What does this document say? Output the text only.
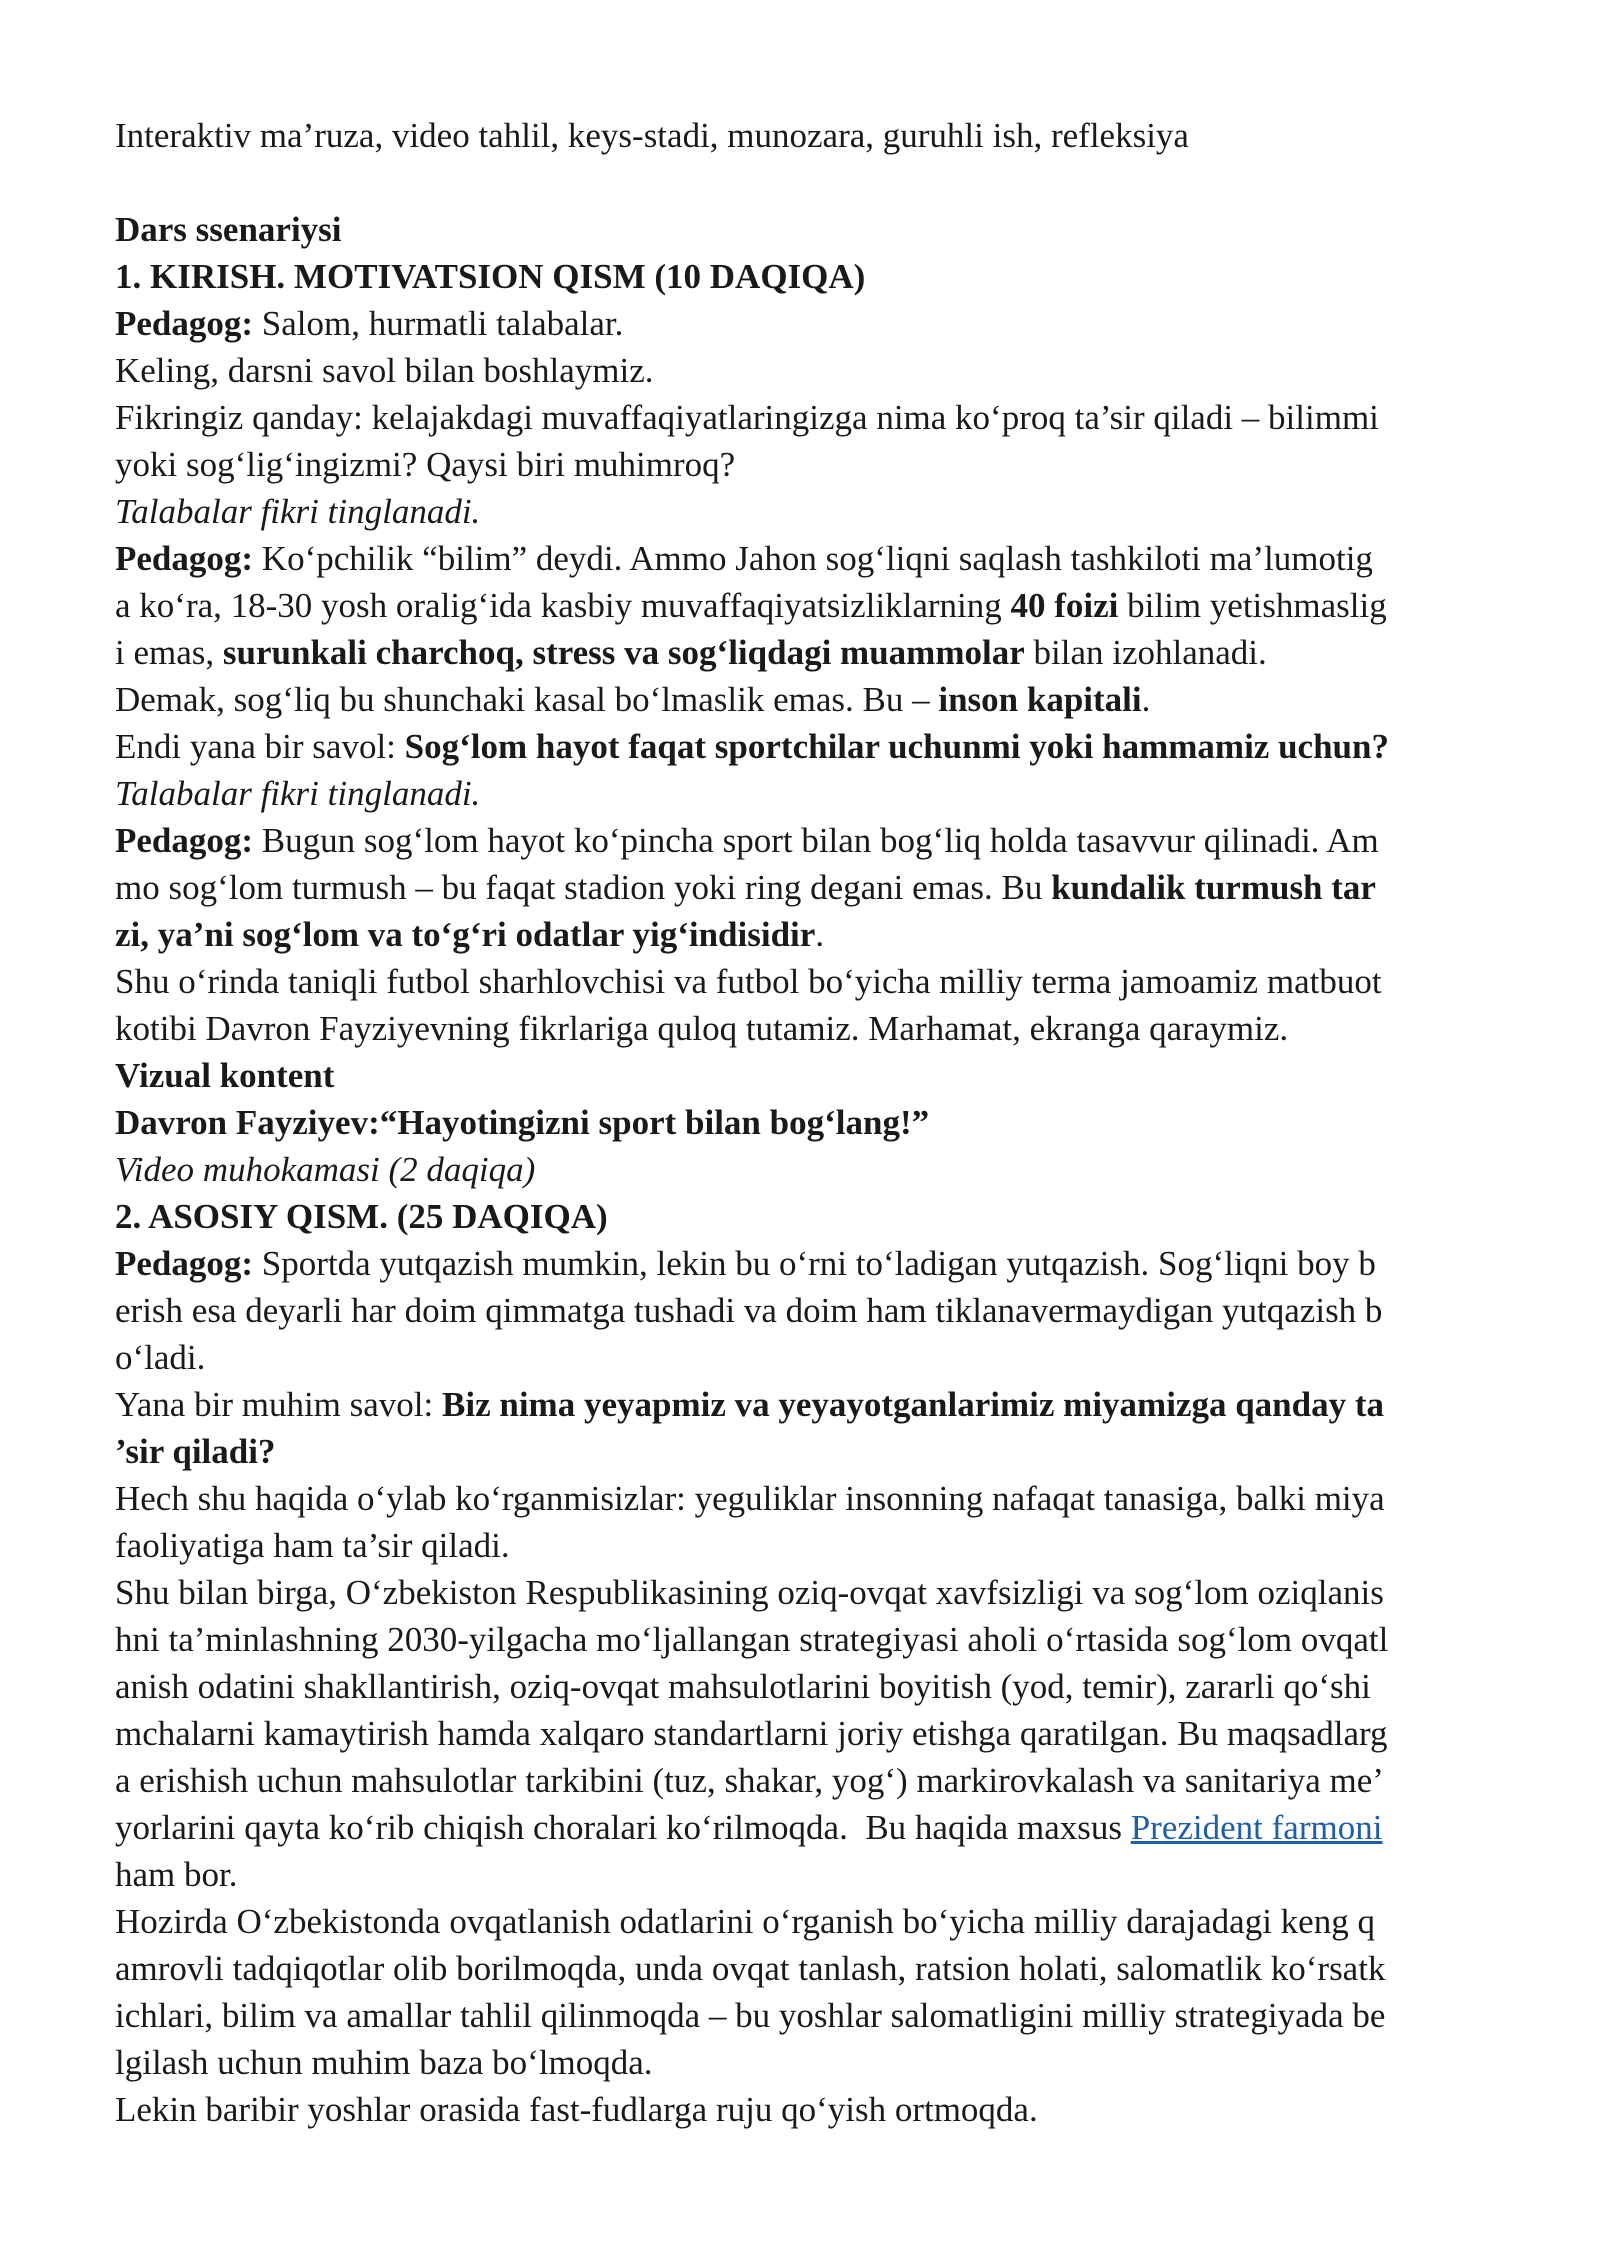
Interaktiv ma’ruza, video tahlil, keys-stadi, munozara, guruhli ish, refleksiya
Dars ssenariysi
1. KIRISH. MOTIVATSION QISM (10 DAQIQA)
Pedagog: Salom, hurmatli talabalar.
Keling, darsni savol bilan boshlaymiz.
Fikringiz qanday: kelajakdagi muvaffaqiyatlaringizga nima ko‘proq ta’sir qiladi – bilimmi
yoki sog‘lig‘ingizmi? Qaysi biri muhimroq?
Talabalar fikri tinglanadi.
Pedagog: Ko‘pchilik “bilim” deydi. Ammo Jahon sog‘liqni saqlash tashkiloti ma’lumotig
a ko‘ra, 18-30 yosh oralig‘ida kasbiy muvaffaqiyatsizliklarning 40 foizi bilim yetishmaslig
i emas, surunkali charchoq, stress va sog‘liqdagi muammolar bilan izohlanadi.
Demak, sog‘liq bu shunchaki kasal bo‘lmaslik emas. Bu – inson kapitali.
Endi yana bir savol: Sog‘lom hayot faqat sportchilar uchunmi yoki hammamiz uchun?
Talabalar fikri tinglanadi.
Pedagog: Bugun sog‘lom hayot ko‘pincha sport bilan bog‘liq holda tasavvur qilinadi. Am
mo sog‘lom turmush – bu faqat stadion yoki ring degani emas. Bu kundalik turmush tar
zi, ya’ni sog‘lom va to‘g‘ri odatlar yig‘indisidir.
Shu o‘rinda taniqli futbol sharhlovchisi va futbol bo‘yicha milliy terma jamoamiz matbuot
kotibi Davron Fayziyevning fikrlariga quloq tutamiz. Marhamat, ekranga qaraymiz.
Vizual kontent
Davron Fayziyev:“Hayotingizni sport bilan bog‘lang!”
Video muhokamasi (2 daqiqa)
2. ASOSIY QISM. (25 DAQIQA)
Pedagog: Sportda yutqazish mumkin, lekin bu o‘rni to‘ladigan yutqazish. Sog‘liqni boy b
erish esa deyarli har doim qimmatga tushadi va doim ham tiklanavermaydigan yutqazish b
o‘ladi.
Yana bir muhim savol: Biz nima yeyapmiz va yeyayotganlarimiz miyamizga qanday ta
’sir qiladi?
Hech shu haqida o‘ylab ko‘rganmisizlar: yeguliklar insonning nafaqat tanasiga, balki miya
faoliyatiga ham ta’sir qiladi.
Shu bilan birga, O‘zbekiston Respublikasining oziq-ovqat xavfsizligi va sog‘lom oziqlanis
hni ta’minlashning 2030-yilgacha mo‘ljallangan strategiyasi aholi o‘rtasida sog‘lom ovqatl
anish odatini shakllantirish, oziq-ovqat mahsulotlarini boyitish (yod, temir), zararli qo‘shi
mchalarni kamaytirish hamda xalqaro standartlarni joriy etishga qaratilgan. Bu maqsadlarg
a erishish uchun mahsulotlar tarkibini (tuz, shakar, yog‘) markirovkalash va sanitariya me’
yorlarini qayta ko‘rib chiqish choralari ko‘rilmoqda.  Bu haqida maxsus Prezident farmoni
ham bor.
Hozirda O‘zbekistonda ovqatlanish odatlarini o‘rganish bo‘yicha milliy darajadagi keng q
amrovli tadqiqotlar olib borilmoqda, unda ovqat tanlash, ratsion holati, salomatlik ko‘rsatk
ichlari, bilim va amallar tahlil qilinmoqda – bu yoshlar salomatligini milliy strategiyada be
lgilash uchun muhim baza bo‘lmoqda.
Lekin baribir yoshlar orasida fast-fudlarga ruju qo‘yish ortmoqda.
